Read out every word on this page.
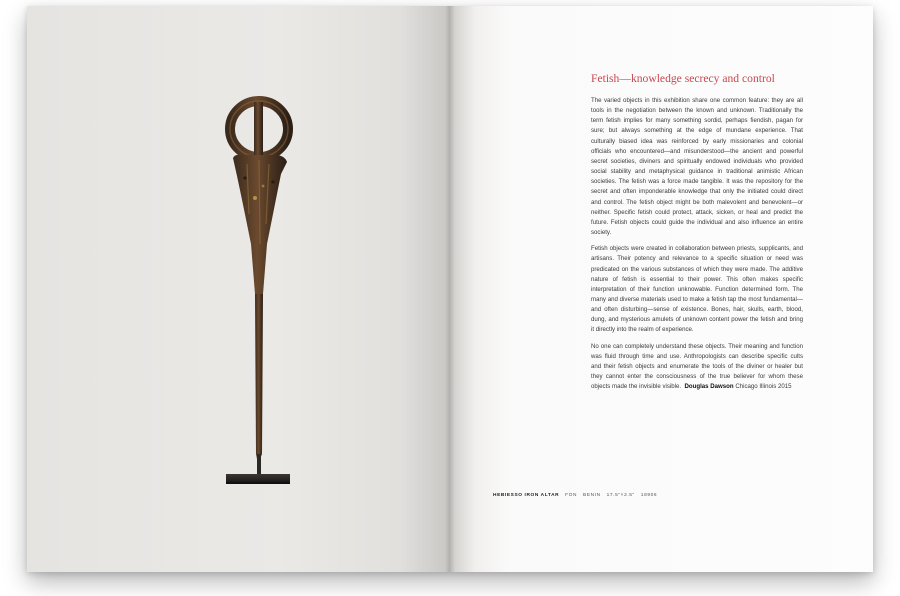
Fetish—knowledge secrecy and control

The varied objects in this exhibition share one common feature: they are all tools in the negotiation between the known and unknown. Traditionally the term fetish implies for many something sordid, perhaps fiendish, pagan for sure; but always something at the edge of mundane experience. That culturally biased idea was reinforced by early missionaries and colonial officials who encountered—and misunderstood—the ancient and powerful secret societies, diviners and spiritually endowed individuals who provided social stability and metaphysical guidance in traditional animistic African societies. The fetish was a force made tangible. It was the repository for the secret and often imponderable knowledge that only the initiated could direct and control. The fetish object might be both malevolent and benevolent—or neither. Specific fetish could protect, attack, sicken, or heal and predict the future. Fetish objects could guide the individual and also influence an entire society.

Fetish objects were created in collaboration between priests, supplicants, and artisans. Their potency and relevance to a specific situation or need was predicated on the various substances of which they were made. The additive nature of fetish is essential to their power. This often makes specific interpretation of their function unknowable. Function determined form. The many and diverse materials used to make a fetish tap the most fundamental—and often disturbing—sense of existence. Bones, hair, skulls, earth, blood, dung, and mysterious amulets of unknown content power the fetish and bring it directly into the realm of experience.

No one can completely understand these objects. Their meaning and function was fluid through time and use. Anthropologists can describe specific cults and their fetish objects and enumerate the tools of the diviner or healer but they cannot enter the consciousness of the true believer for whom these objects made the invisible visible. Douglas Dawson Chicago Illinois 2015

HEBIESSO IRON ALTAR FON BENIN 17.5"×2.5" 18906
